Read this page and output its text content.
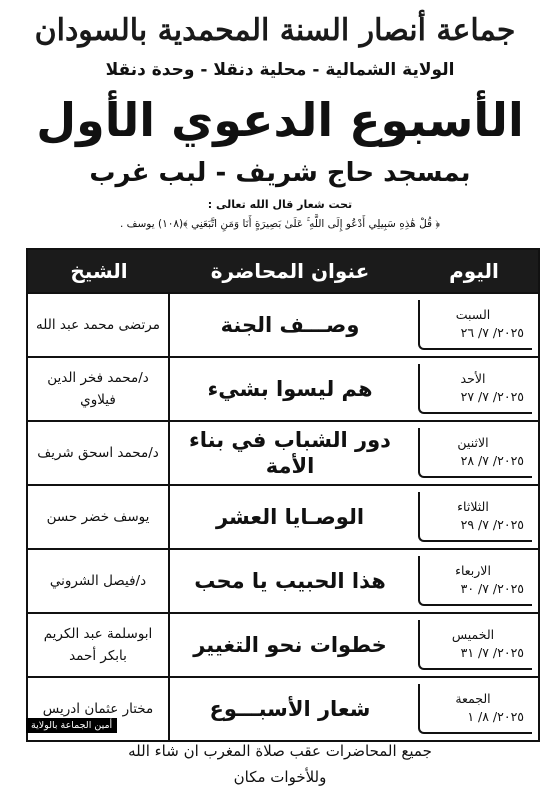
جماعة أنصار السنة المحمدية بالسودان
الولاية الشمالية - محلية دنقلا - وحدة دنقلا
الأسبوع الدعوي الأول
بمسجد حاج شريف - لبب غرب
تحت شعار قال الله تعالى :
﴿ قُلْ هَٰذِهِ سَبِيلِي أَدْعُو إِلَى اللَّهِ ۚ عَلَىٰ بَصِيرَةٍ أَنَا وَمَنِ اتَّبَعَنِي ﴾(١٠٨) يوسف .
اليوم
عنوان المحاضرة
الشيخ
السبت
٢٠٢٥/ ٧/ ٢٦
وصـــف الجنة
مرتضى محمد عبد الله
الأحد
٢٠٢٥/ ٧/ ٢٧
هم ليسوا بشيء
د/محمد فخر الدين فيلاوي
الاثنين
٢٠٢٥/ ٧/ ٢٨
دور الشباب في بناء الأمة
د/محمد اسحق شريف
الثلاثاء
٢٠٢٥/ ٧/ ٢٩
الوصـايا العشر
يوسف خضر حسن
الاربعاء
٢٠٢٥/ ٧/ ٣٠
هذا الحبيب يا محب
د/فيصل الشروني
الخميس
٢٠٢٥/ ٧/ ٣١
خطوات نحو التغيير
ابوسلمة عبد الكريم بابكر أحمد
الجمعة
٢٠٢٥/ ٨/ ١
شعار الأسبـــوع
مختار عثمان ادريس
أمين الجماعة بالولاية
جميع المحاضرات عقب صلاة المغرب ان شاء الله
وللأخوات مكان
